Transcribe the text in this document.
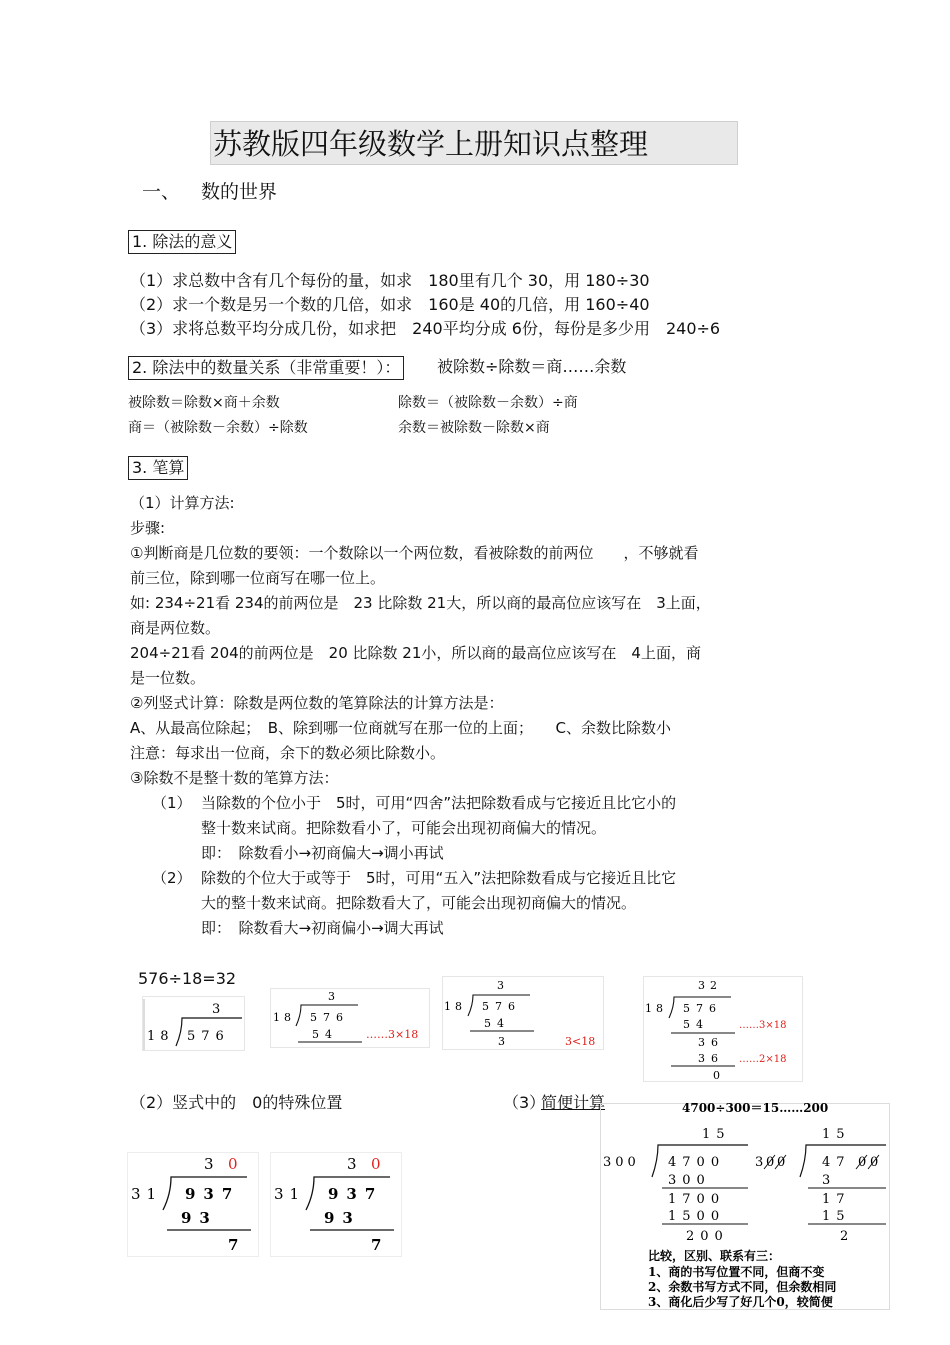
苏教版四年级数学上册知识点整理
一、 数的世界
1. 除法的意义
（1）求总数中含有几个每份的量，如求　180里有几个 30，用 180÷30
（2）求一个数是另一个数的几倍，如求　160是 40的几倍，用 160÷40
（3）求将总数平均分成几份，如求把　240平均分成 6份，每份是多少用　240÷6
2. 除法中的数量关系（非常重要！）： 被除数÷除数＝商……余数
被除数＝除数×商＋余数	除数＝（被除数－余数）÷商
商＝（被除数－余数）÷除数	余数＝被除数－除数×商
3. 笔算
（1）计算方法:
步骤:
①判断商是几位数的要领：一个数除以一个两位数，看被除数的前两位　　，不够就看
前三位，除到哪一位商写在哪一位上。
如: 234÷21看 234的前两位是　23 比除数 21大，所以商的最高位应该写在　3上面，
商是两位数。
204÷21看 204的前两位是　20 比除数 21小，所以商的最高位应该写在　4上面，商
是一位数。
②列竖式计算：除数是两位数的笔算除法的计算方法是：
A、从最高位除起；　B、除到哪一位商就写在那一位的上面；　　C、余数比除数小
注意：每求出一位商，余下的数必须比除数小。
③除数不是整十数的笔算方法：
（1） 当除数的个位小于　5时，可用“四舍”法把除数看成与它接近且比它小的
整十数来试商。把除数看小了，可能会出现初商偏大的情况。
即：　除数看小→初商偏大→调小再试
（2） 除数的个位大于或等于　5时，可用“五入”法把除数看成与它接近且比它
大的整十数来试商。把除数看大了，可能会出现初商偏大的情况。
即：　除数看大→初商偏小→调大再试
576÷18=32
3
18 576
3
18 576
54	……3×18
3
18 576
54
3	3<18
32
18 576
54	……3×18
36
36 ……2×18
0
（2）竖式中的　0的特殊位置
3 0
31 937
93
7
3 0
31 937
93
7
（3）
简便计算	4700÷300＝15……200
15
300 4700
300
1700
1500
200
15
3 0 0	47 0 0
3
17
15
2
比较，区别、联系有三：
1、商的书写位置不同，但商不变
2、余数书写方式不同，但余数相同
3、商化后少写了好几个0，较简便
